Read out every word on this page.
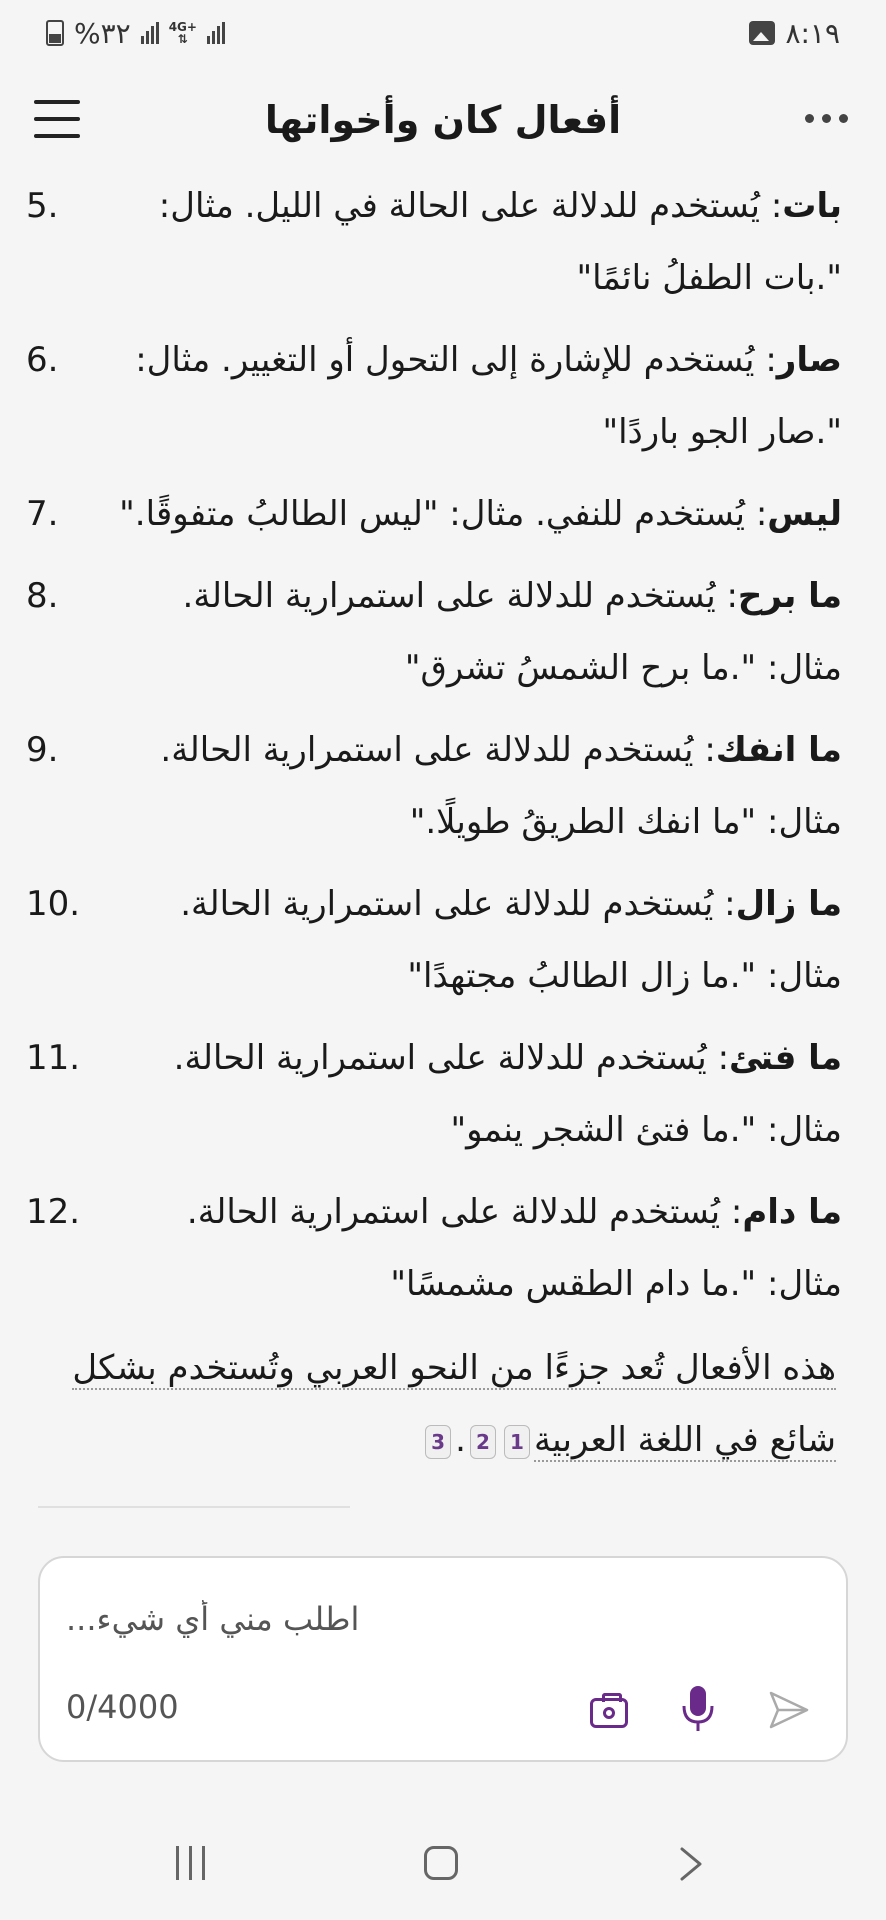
%٣٢	4G+
⇅	٨:١٩
أفعال كان وأخواتها
بات: يُستخدم للدلالة على الحالة في الليل. مثال: ".بات الطفلُ نائمًا"
5.
صار: يُستخدم للإشارة إلى التحول أو التغيير. مثال: ".صار الجو باردًا"
6.
ليس: يُستخدم للنفي. مثال: "ليس الطالبُ متفوقًا."
7.
ما برح: يُستخدم للدلالة على استمرارية الحالة. مثال: ".ما برح الشمسُ تشرق"
8.
ما انفك: يُستخدم للدلالة على استمرارية الحالة. مثال: "ما انفك الطريقُ طويلًا."
9.
ما زال: يُستخدم للدلالة على استمرارية الحالة. مثال: ".ما زال الطالبُ مجتهدًا"
10.
ما فتئ: يُستخدم للدلالة على استمرارية الحالة. مثال: ".ما فتئ الشجر ينمو"
11.
ما دام: يُستخدم للدلالة على استمرارية الحالة. مثال: ".ما دام الطقس مشمسًا"
12.
هذه الأفعال تُعد جزءًا من النحو العربي وتُستخدم بشكل شائع في اللغة العربية12.3
اطلب مني أي شيء...
0/4000
